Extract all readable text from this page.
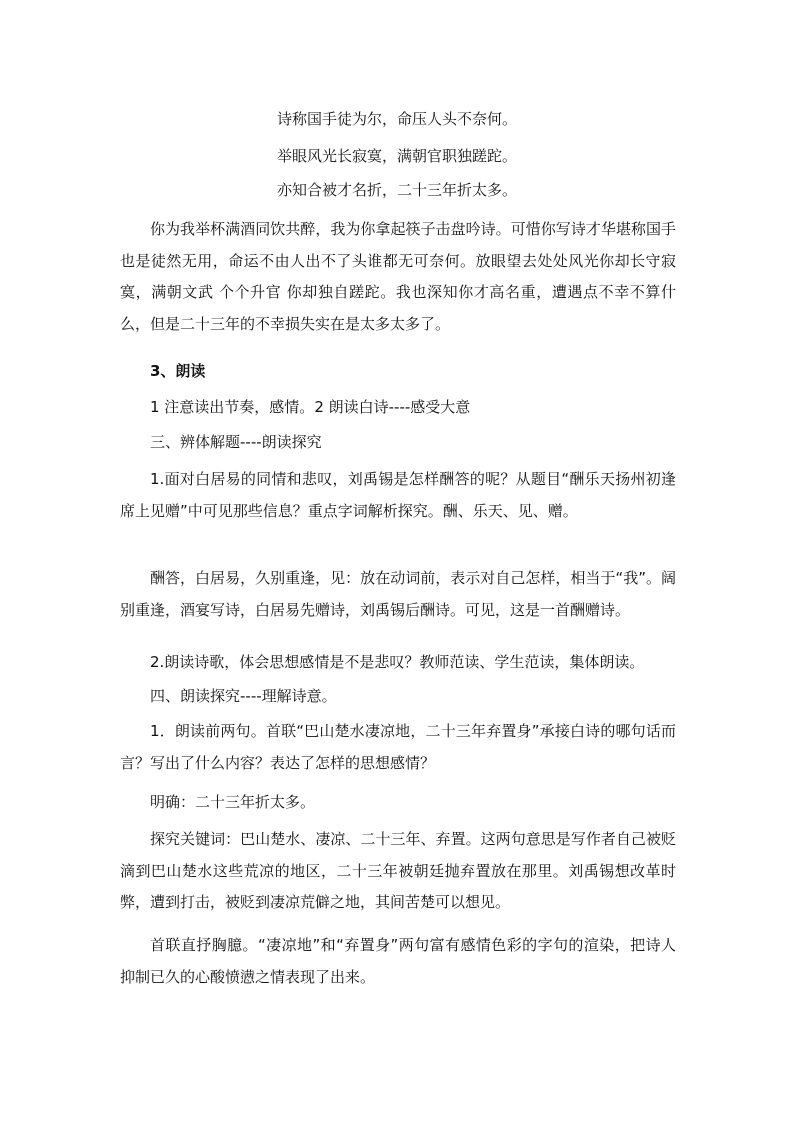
诗称国手徒为尔，命压人头不奈何。
举眼风光长寂寞，满朝官职独蹉跎。
亦知合被才名折，二十三年折太多。

你为我举杯满酒同饮共醉，我为你拿起筷子击盘吟诗。可惜你写诗才华堪称国手也是徒然无用，命运不由人出不了头谁都无可奈何。放眼望去处处风光你却长守寂寞，满朝文武 个个升官 你却独自蹉跎。我也深知你才高名重，遭遇点不幸不算什么，但是二十三年的不幸损失实在是太多太多了。

3、朗读

1 注意读出节奏，感情。2 朗读白诗----感受大意

三、辨体解题----朗读探究

1.面对白居易的同情和悲叹，刘禹锡是怎样酬答的呢？从题目“酬乐天扬州初逢席上见赠”中可见那些信息？重点字词解析探究。酬、乐天、见、赠。

酬答，白居易，久别重逢，见：放在动词前，表示对自己怎样，相当于“我”。阔别重逢，酒宴写诗，白居易先赠诗，刘禹锡后酬诗。可见，这是一首酬赠诗。

2.朗读诗歌，体会思想感情是不是悲叹？教师范读、学生范读，集体朗读。

四、朗读探究----理解诗意。

1．朗读前两句。首联“巴山楚水凄凉地，二十三年弃置身”承接白诗的哪句话而言？写出了什么内容？表达了怎样的思想感情？

明确：二十三年折太多。

探究关键词：巴山楚水、凄凉、二十三年、弃置。这两句意思是写作者自己被贬滴到巴山楚水这些荒凉的地区，二十三年被朝廷抛弃置放在那里。刘禹锡想改革时弊，遭到打击，被贬到凄凉荒僻之地，其间苦楚可以想见。

首联直抒胸臆。“凄凉地”和“弃置身”两句富有感情色彩的字句的渲染，把诗人抑制已久的心酸愤懑之情表现了出来。
